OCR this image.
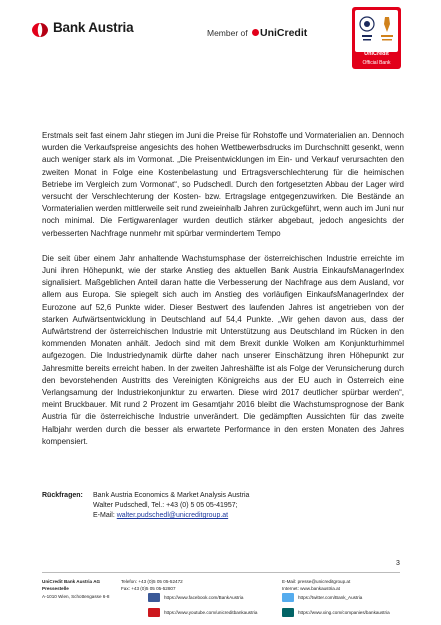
Bank Austria	Member of UniCredit
UniCredit
Official Bank

Erstmals seit fast einem Jahr stiegen im Juni die Preise für Rohstoffe und Vormaterialien an. Dennoch wurden die Verkaufspreise angesichts des hohen Wettbewerbsdrucks im Durchschnitt gesenkt, wenn auch weniger stark als im Vormonat. „Die Preisentwicklungen im Ein- und Verkauf verursachten den zweiten Monat in Folge eine Kostenbelastung und Ertragsverschlechterung für die heimischen Betriebe im Vergleich zum Vormonat“, so Pudschedl. Durch den fortgesetzten Abbau der Lager wird versucht der Verschlechterung der Kosten- bzw. Ertragslage entgegenzuwirken. Die Bestände an Vormaterialien werden mittlerweile seit rund zweieinhalb Jahren zurückgeführt, wenn auch im Juni nur noch minimal. Die Fertigwarenlager wurden deutlich stärker abgebaut, jedoch angesichts der verbesserten Nachfrage nunmehr mit spürbar vermindertem Tempo

Die seit über einem Jahr anhaltende Wachstumsphase der österreichischen Industrie erreichte im Juni ihren Höhepunkt, wie der starke Anstieg des aktuellen Bank Austria EinkaufsManagerIndex signalisiert. Maßgeblichen Anteil daran hatte die Verbesserung der Nachfrage aus dem Ausland, vor allem aus Europa. Sie spiegelt sich auch im Anstieg des vorläufigen EinkaufsManagerIndex der Eurozone auf 52,6 Punkte wider. Dieser Bestwert des laufenden Jahres ist angetrieben von der starken Aufwärtsentwicklung in Deutschland auf 54,4 Punkte. „Wir gehen davon aus, dass der Aufwärtstrend der österreichischen Industrie mit Unterstützung aus Deutschland im Rücken in den kommenden Monaten anhält. Jedoch sind mit dem Brexit dunkle Wolken am Konjunkturhimmel aufgezogen. Die Industriedynamik dürfte daher nach unserer Einschätzung ihren Höhepunkt zur Jahresmitte bereits erreicht haben. In der zweiten Jahreshälfte ist als Folge der Verunsicherung durch den bevorstehenden Austritts des Vereinigten Königreichs aus der EU auch in Österreich eine Verlangsamung der Industriekonjunktur zu erwarten. Diese wird 2017 deutlicher spürbar werden“, meint Bruckbauer. Mit rund 2 Prozent im Gesamtjahr 2016 bleibt die Wachstumsprognose der Bank Austria für die österreichische Industrie unverändert. Die gedämpften Aussichten für das zweite Halbjahr werden durch die besser als erwartete Performance in den ersten Monaten des Jahres kompensiert.

Rückfragen: Bank Austria Economics & Market Analysis Austria
Walter Pudschedl, Tel.: +43 (0) 5 05 05-41957;
E-Mail: walter.pudschedl@unicreditgroup.at
3
UniCredit Bank Austria AG
Pressestelle
A-1010 Wien, Schottengasse 6-8
Telefon: +43 (0)5 05 05-52472
Fax: +43 (0)5 05 05-52807
E-Mail: presse@unicreditgroup.at
Internet: www.bankaustria.at
https://www.facebook.com/BankAustria
https://www.youtube.com/unicreditbankaustria
https://twitter.com/Bank_Austria
https://www.xing.com/companies/bankaustria
